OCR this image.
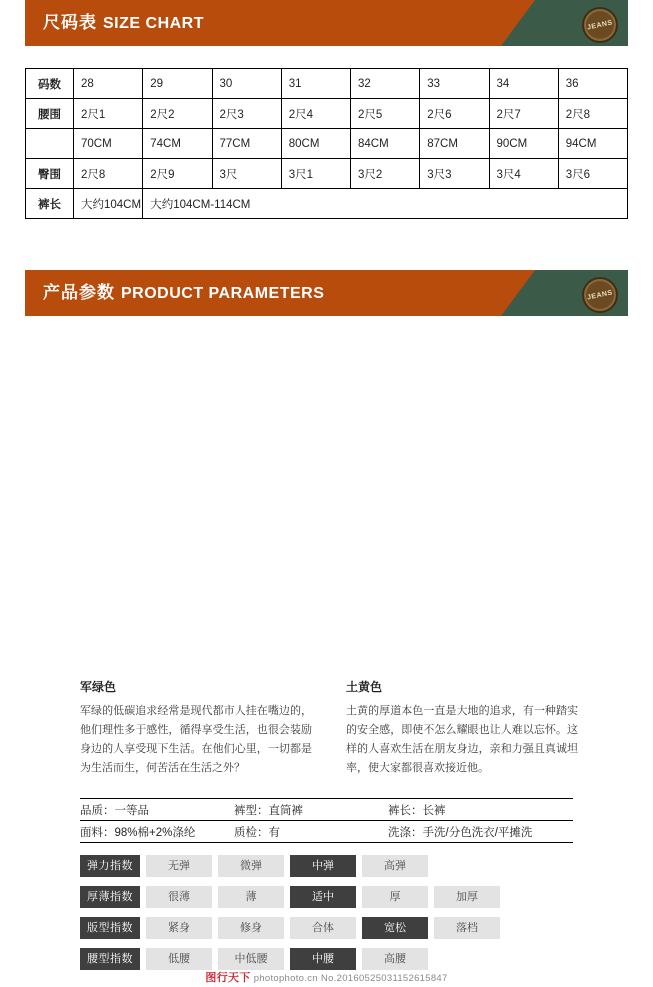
尺码表 SIZE CHART	JEANS
码数	28	29	30	31	32	33	34	36
腰围	2尺1	2尺2	2尺3	2尺4	2尺5	2尺6	2尺7	2尺8
	70CM	74CM	77CM	80CM	84CM	87CM	90CM	94CM
臀围	2尺8	2尺9	3尺	3尺1	3尺2	3尺3	3尺4	3尺6
裤长	大约104CM	大约104CM-114CM						
产品参数 PRODUCT PARAMETERS	JEANS
军绿色
军绿的低碳追求经常是现代都市人挂在嘴边的，他们理性多于感性，循得享受生活，也很会装励身边的人享受现下生活。在他们心里，一切都是为生活而生，何苦活在生活之外？
土黄色
土黄的厚道本色一直是大地的追求，有一种踏实的安全感，即使不怎么耀眼也让人难以忘怀。这样的人喜欢生活在朋友身边，亲和力强且真诚坦率，使大家都很喜欢接近他。
品质：一等品	裤型：直筒裤	裤长：长裤
面料：98%棉+2%涤纶	质检：有	洗涤：手洗/分色洗衣/平摊洗
弹力指数	无弹	微弹	中弹	高弹
厚薄指数	很薄	薄	适中	厚	加厚
版型指数	紧身	修身	合体	宽松	落档
腰型指数	低腰	中低腰	中腰	高腰
图行天下 photophoto.cn No.20160525031152615847
